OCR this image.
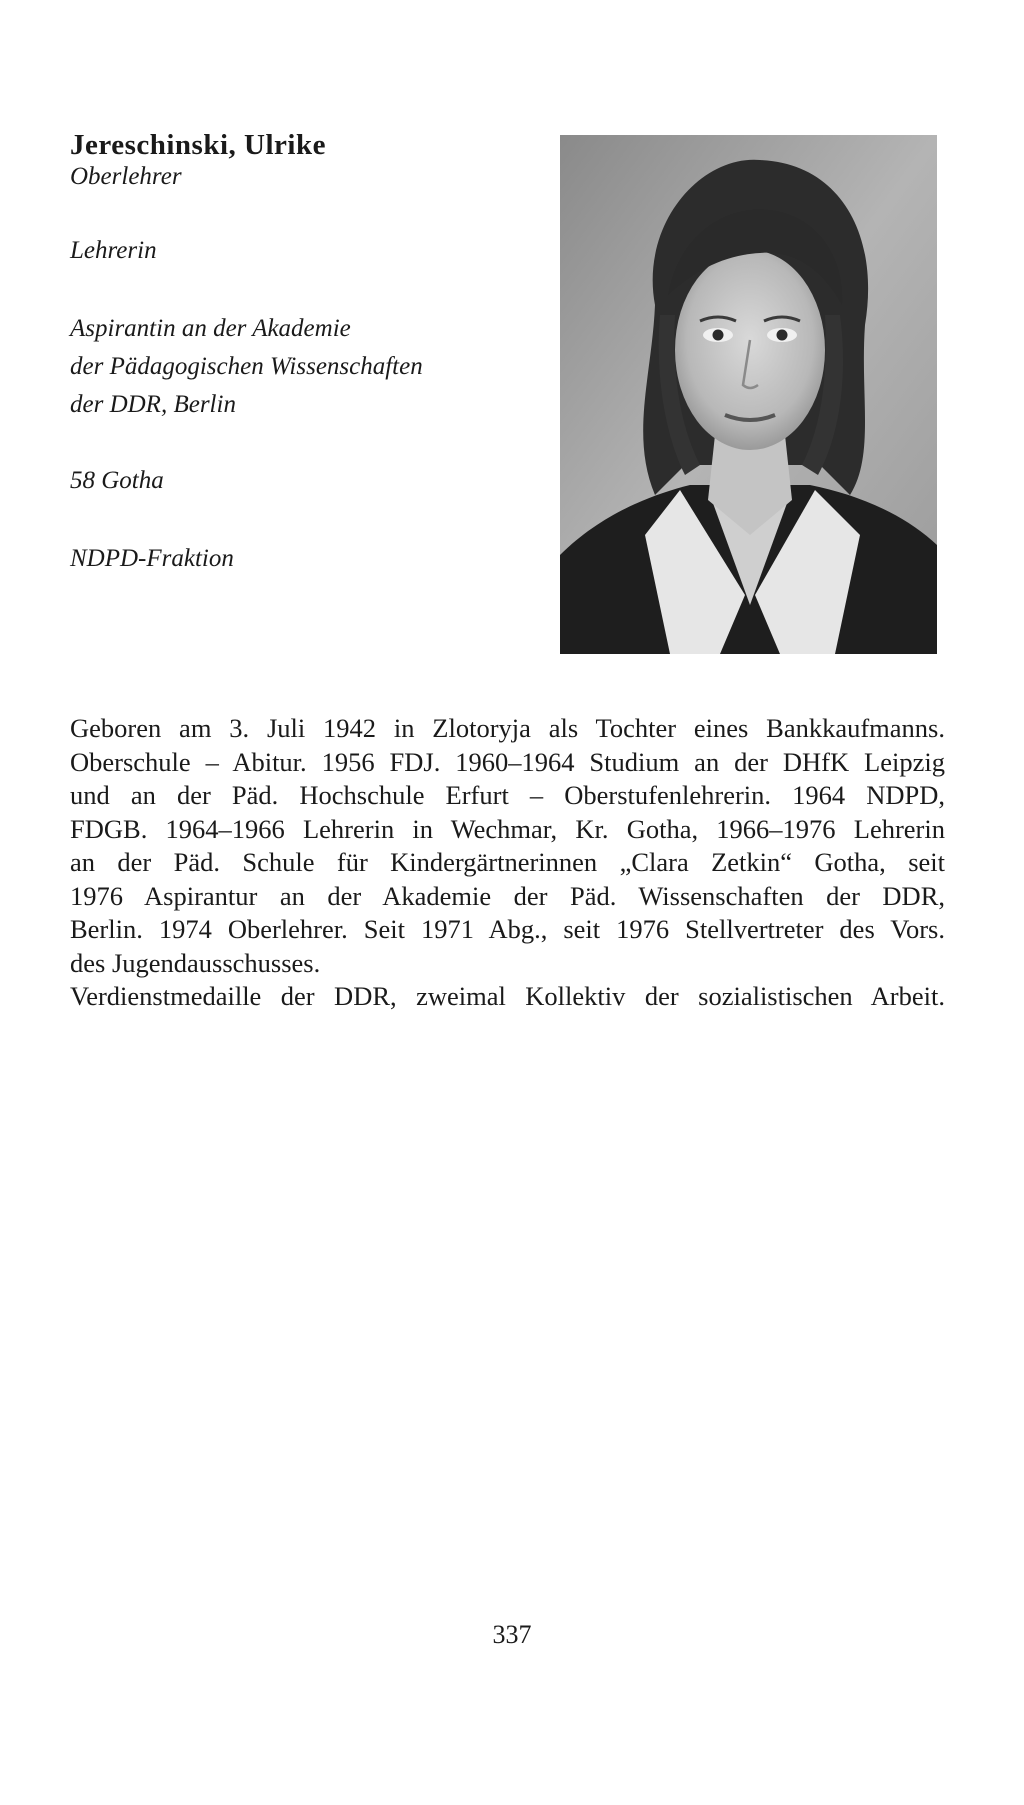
Jereschinski, Ulrike

Oberlehrer

Lehrerin

Aspirantin an der Akademie

der Pädagogischen Wissenschaften

der DDR, Berlin

58 Gotha

NDPD-Fraktion

Geboren am 3. Juli 1942 in Zlotoryja als Tochter eines Bankkaufmanns.
Oberschule – Abitur. 1956 FDJ. 1960–1964 Studium an der DHfK Leipzig
und an der Päd. Hochschule Erfurt – Oberstufenlehrerin. 1964 NDPD,
FDGB. 1964–1966 Lehrerin in Wechmar, Kr. Gotha, 1966–1976 Lehrerin
an der Päd. Schule für Kindergärtnerinnen „Clara Zetkin“ Gotha, seit
1976 Aspirantur an der Akademie der Päd. Wissenschaften der DDR,
Berlin. 1974 Oberlehrer. Seit 1971 Abg., seit 1976 Stellvertreter des Vors.
des Jugendausschusses.
Verdienstmedaille der DDR, zweimal Kollektiv der sozialistischen Arbeit.
337
